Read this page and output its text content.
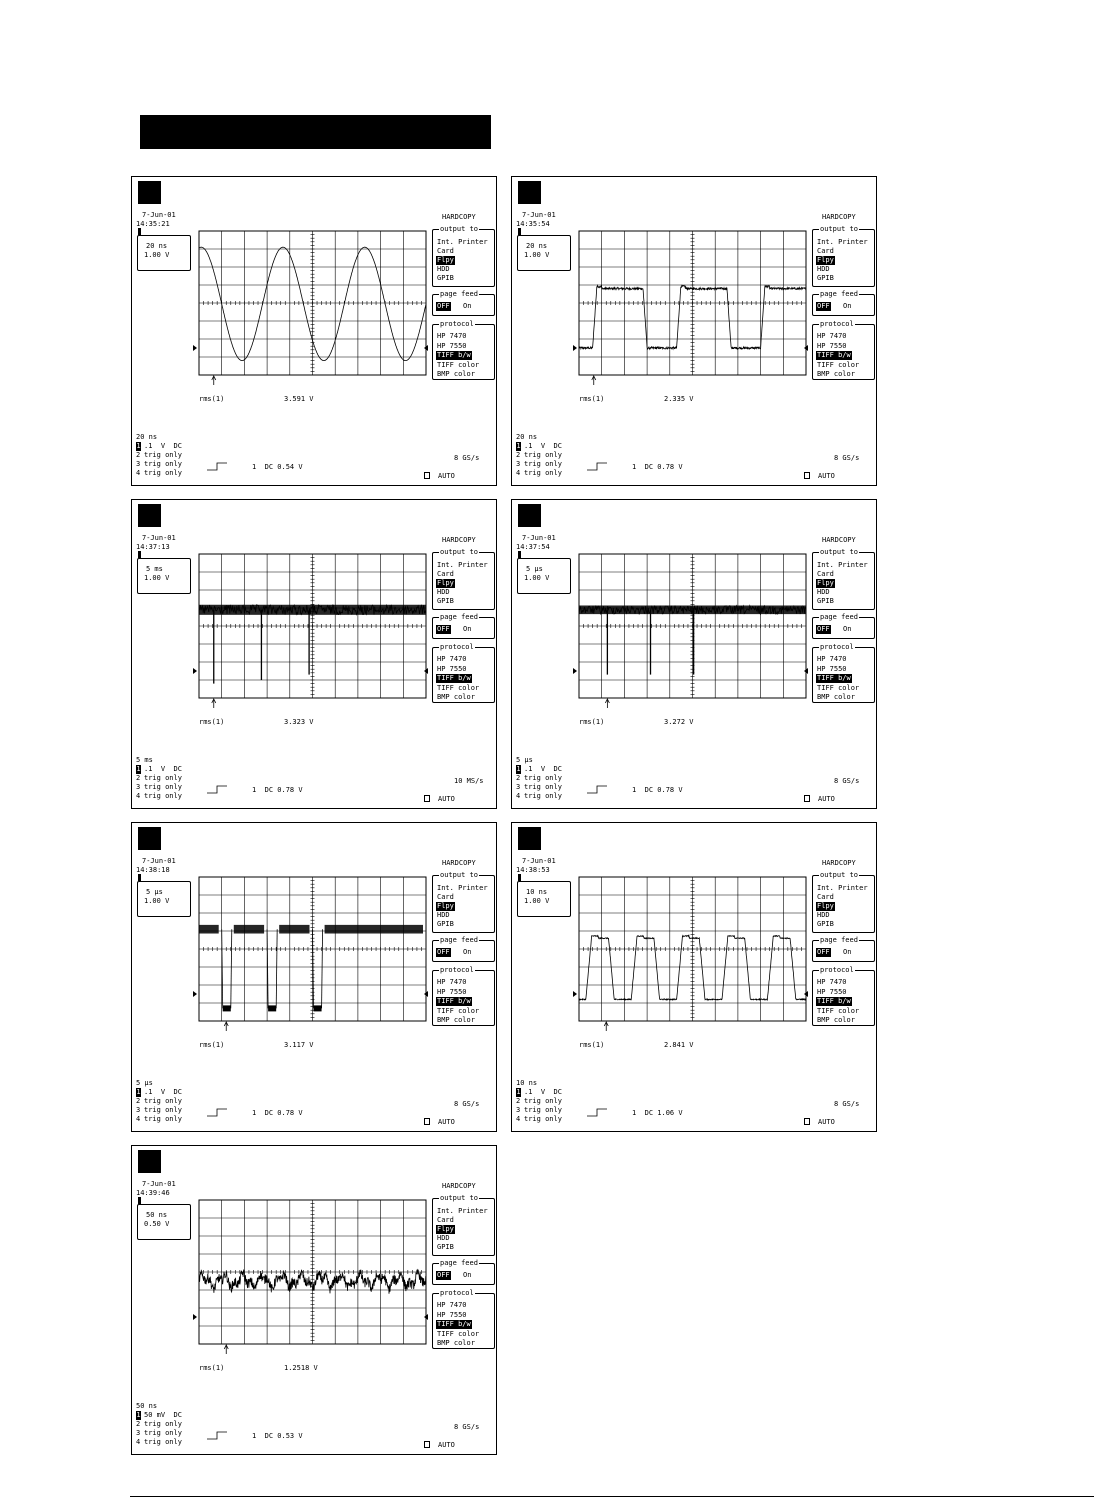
7-Jun-01
14:35:21
20 ns
1.00 V
HARDCOPY
output to
Int. Printer
Card
Flpy
HDD
GPIB
page feed
OFF On
protocol
HP 7470
HP 7550
TIFF b/w
TIFF color
BMP color
rms(1)	3.591 V
20 ns
1 .1  V  DC
2 trig only
3 trig only
4 trig only
1  DC 0.54 V
8 GS/s
AUTO
7-Jun-01
14:35:54
20 ns
1.00 V
HARDCOPY
output to
Int. Printer
Card
Flpy
HDD
GPIB
page feed
OFF On
protocol
HP 7470
HP 7550
TIFF b/w
TIFF color
BMP color
rms(1)	2.335 V
20 ns
1 .1  V  DC
2 trig only
3 trig only
4 trig only
1  DC 0.78 V
8 GS/s
AUTO
7-Jun-01
14:37:13
5 ms
1.00 V
HARDCOPY
output to
Int. Printer
Card
Flpy
HDD
GPIB
page feed
OFF On
protocol
HP 7470
HP 7550
TIFF b/w
TIFF color
BMP color
rms(1)	3.323 V
5 ms
1 .1  V  DC
2 trig only
3 trig only
4 trig only
1  DC 0.78 V
10 MS/s
AUTO
7-Jun-01
14:37:54
5 μs
1.00 V
HARDCOPY
output to
Int. Printer
Card
Flpy
HDD
GPIB
page feed
OFF On
protocol
HP 7470
HP 7550
TIFF b/w
TIFF color
BMP color
rms(1)	3.272 V
5 μs
1 .1  V  DC
2 trig only
3 trig only
4 trig only
1  DC 0.78 V
8 GS/s
AUTO
7-Jun-01
14:38:18
5 μs
1.00 V
HARDCOPY
output to
Int. Printer
Card
Flpy
HDD
GPIB
page feed
OFF On
protocol
HP 7470
HP 7550
TIFF b/w
TIFF color
BMP color
rms(1)	3.117 V
5 μs
1 .1  V  DC
2 trig only
3 trig only
4 trig only
1  DC 0.78 V
8 GS/s
AUTO
7-Jun-01
14:38:53
10 ns
1.00 V
HARDCOPY
output to
Int. Printer
Card
Flpy
HDD
GPIB
page feed
OFF On
protocol
HP 7470
HP 7550
TIFF b/w
TIFF color
BMP color
rms(1)	2.841 V
10 ns
1 .1  V  DC
2 trig only
3 trig only
4 trig only
1  DC 1.06 V
8 GS/s
AUTO
7-Jun-01
14:39:46
50 ns
0.50 V
HARDCOPY
output to
Int. Printer
Card
Flpy
HDD
GPIB
page feed
OFF On
protocol
HP 7470
HP 7550
TIFF b/w
TIFF color
BMP color
rms(1)	1.2518 V
50 ns
1 50 mV  DC
2 trig only
3 trig only
4 trig only
1  DC 0.53 V
8 GS/s
AUTO
